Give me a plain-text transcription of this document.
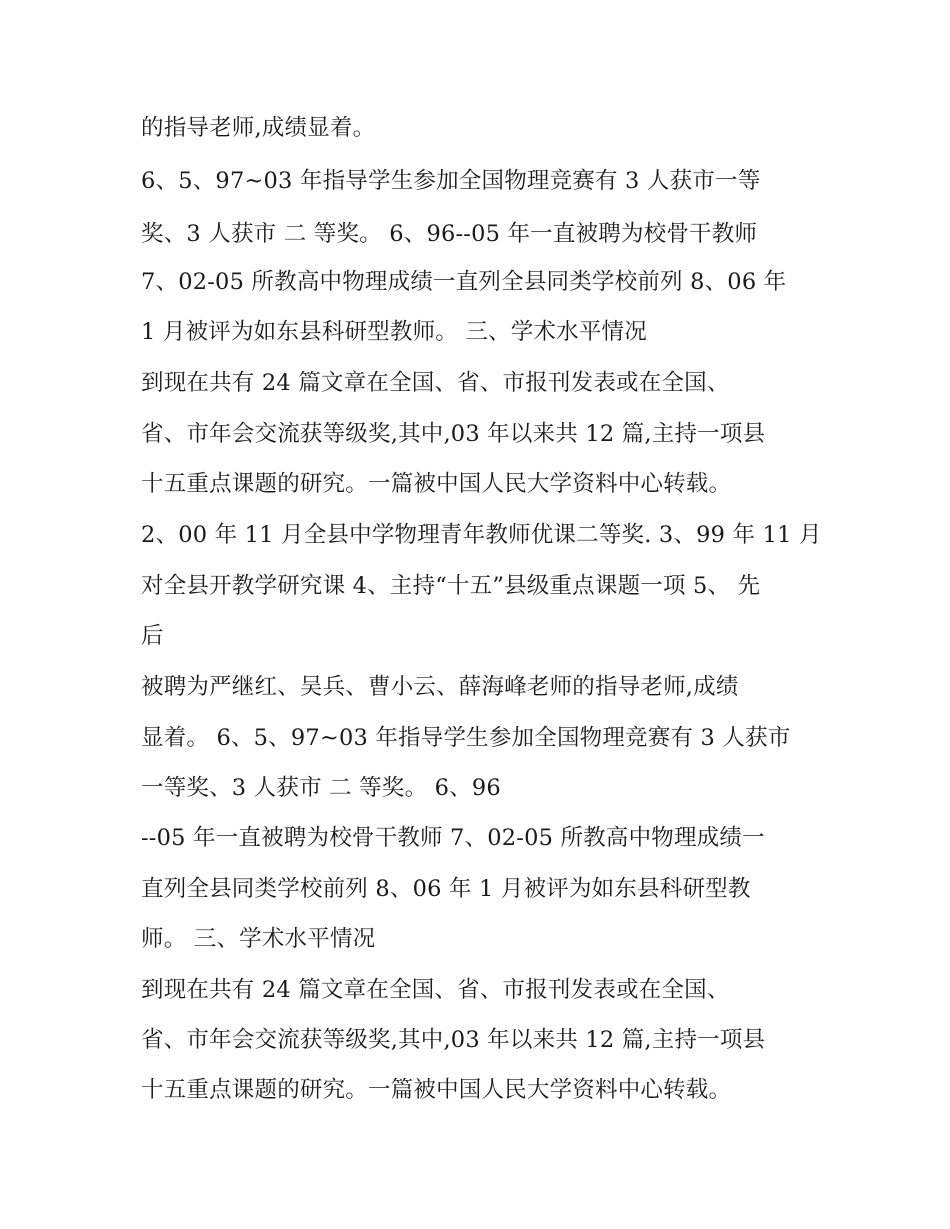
的指导老师,成绩显着。

6、5、97~03 年指导学生参加全国物理竞赛有 3 人获市一等

奖、3 人获市 二 等奖。 6、96--05 年一直被聘为校骨干教师

7、02-05 所教高中物理成绩一直列全县同类学校前列 8、06 年

1 月被评为如东县科研型教师。 三、学术水平情况

到现在共有 24 篇文章在全国、省、市报刊发表或在全国、

省、市年会交流获等级奖,其中,03 年以来共 12 篇,主持一项县

十五重点课题的研究。一篇被中国人民大学资料中心转载。

2、00 年 11 月全县中学物理青年教师优课二等奖. 3、99 年 11 月

对全县开教学研究课 4、主持“十五”县级重点课题一项 5、 先

后

被聘为严继红、吴兵、曹小云、薛海峰老师的指导老师,成绩

显着。 6、5、97~03 年指导学生参加全国物理竞赛有 3 人获市

一等奖、3 人获市 二 等奖。 6、96

--05 年一直被聘为校骨干教师 7、02-05 所教高中物理成绩一

直列全县同类学校前列 8、06 年 1 月被评为如东县科研型教

师。 三、学术水平情况

到现在共有 24 篇文章在全国、省、市报刊发表或在全国、

省、市年会交流获等级奖,其中,03 年以来共 12 篇,主持一项县

十五重点课题的研究。一篇被中国人民大学资料中心转载。
